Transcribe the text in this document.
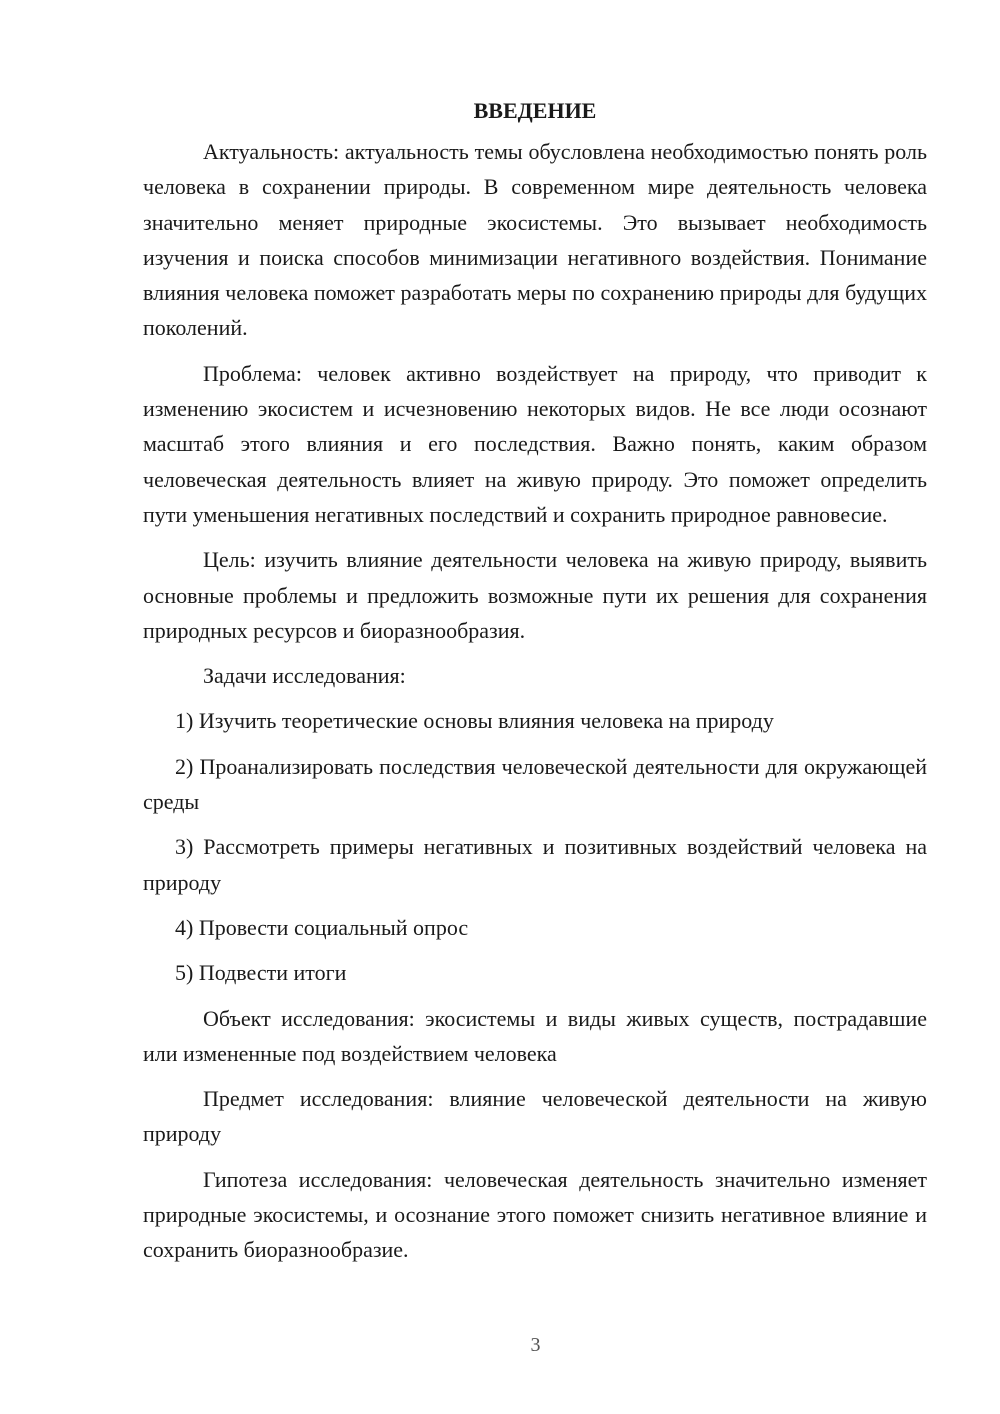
ВВЕДЕНИЕ

Актуальность: актуальность темы обусловлена необходимостью понять роль человека в сохранении природы. В современном мире деятельность человека значительно меняет природные экосистемы. Это вызывает необходимость изучения и поиска способов минимизации негативного воздействия. Понимание влияния человека поможет разработать меры по сохранению природы для будущих поколений.

Проблема: человек активно воздействует на природу, что приводит к изменению экосистем и исчезновению некоторых видов. Не все люди осознают масштаб этого влияния и его последствия. Важно понять, каким образом человеческая деятельность влияет на живую природу. Это поможет определить пути уменьшения негативных последствий и сохранить природное равновесие.

Цель: изучить влияние деятельности человека на живую природу, выявить основные проблемы и предложить возможные пути их решения для сохранения природных ресурсов и биоразнообразия.

Задачи исследования:

1) Изучить теоретические основы влияния человека на природу

2) Проанализировать последствия человеческой деятельности для окружающей среды

3) Рассмотреть примеры негативных и позитивных воздействий человека на природу

4) Провести социальный опрос

5) Подвести итоги

Объект исследования: экосистемы и виды живых существ, пострадавшие или измененные под воздействием человека

Предмет исследования: влияние человеческой деятельности на живую природу

Гипотеза исследования: человеческая деятельность значительно изменяет природные экосистемы, и осознание этого поможет снизить негативное влияние и сохранить биоразнообразие.

3
